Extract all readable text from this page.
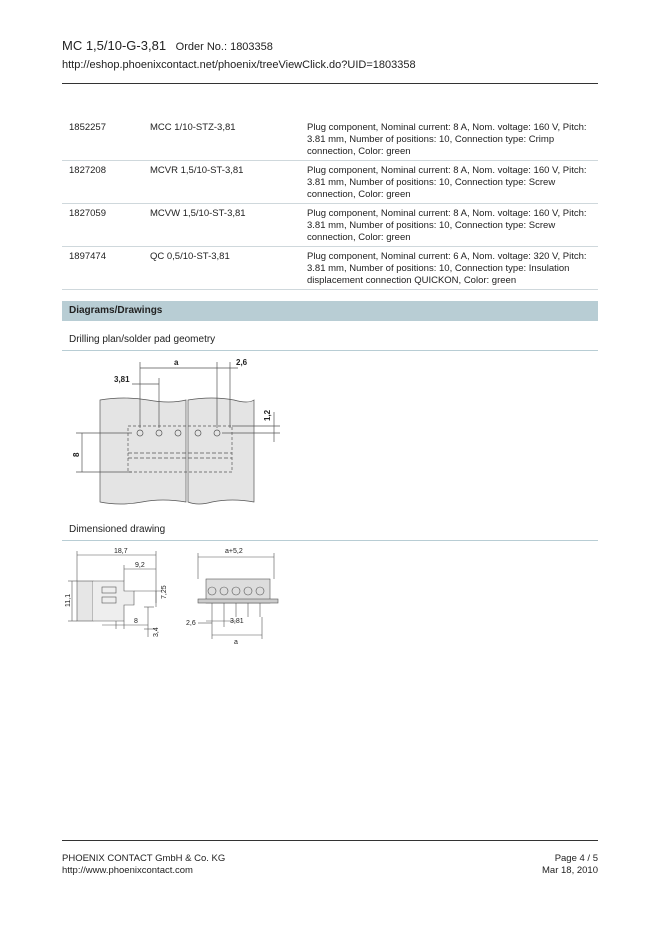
MC 1,5/10-G-3,81 Order No.: 1803358
http://eshop.phoenixcontact.net/phoenix/treeViewClick.do?UID=1803358
1852257	MCC 1/10-STZ-3,81	Plug component, Nominal current: 8 A, Nom. voltage: 160 V, Pitch: 3.81 mm, Number of positions: 10, Connection type: Crimp connection, Color: green
1827208	MCVR 1,5/10-ST-3,81	Plug component, Nominal current: 8 A, Nom. voltage: 160 V, Pitch: 3.81 mm, Number of positions: 10, Connection type: Screw connection, Color: green
1827059	MCVW 1,5/10-ST-3,81	Plug component, Nominal current: 8 A, Nom. voltage: 160 V, Pitch: 3.81 mm, Number of positions: 10, Connection type: Screw connection, Color: green
1897474	QC 0,5/10-ST-3,81	Plug component, Nominal current: 6 A, Nom. voltage: 320 V, Pitch: 3.81 mm, Number of positions: 10, Connection type: Insulation displacement connection QUICKON, Color: green
Diagrams/Drawings
Drilling plan/solder pad geometry
a
3,81
2,6
1,2
8
Dimensioned drawing
18,7
9,2
11,1
7,25
8
3,4
a+5,2
2,6	3,81
a
PHOENIX CONTACT GmbH & Co. KG
http://www.phoenixcontact.com
Page 4 / 5
Mar 18, 2010
